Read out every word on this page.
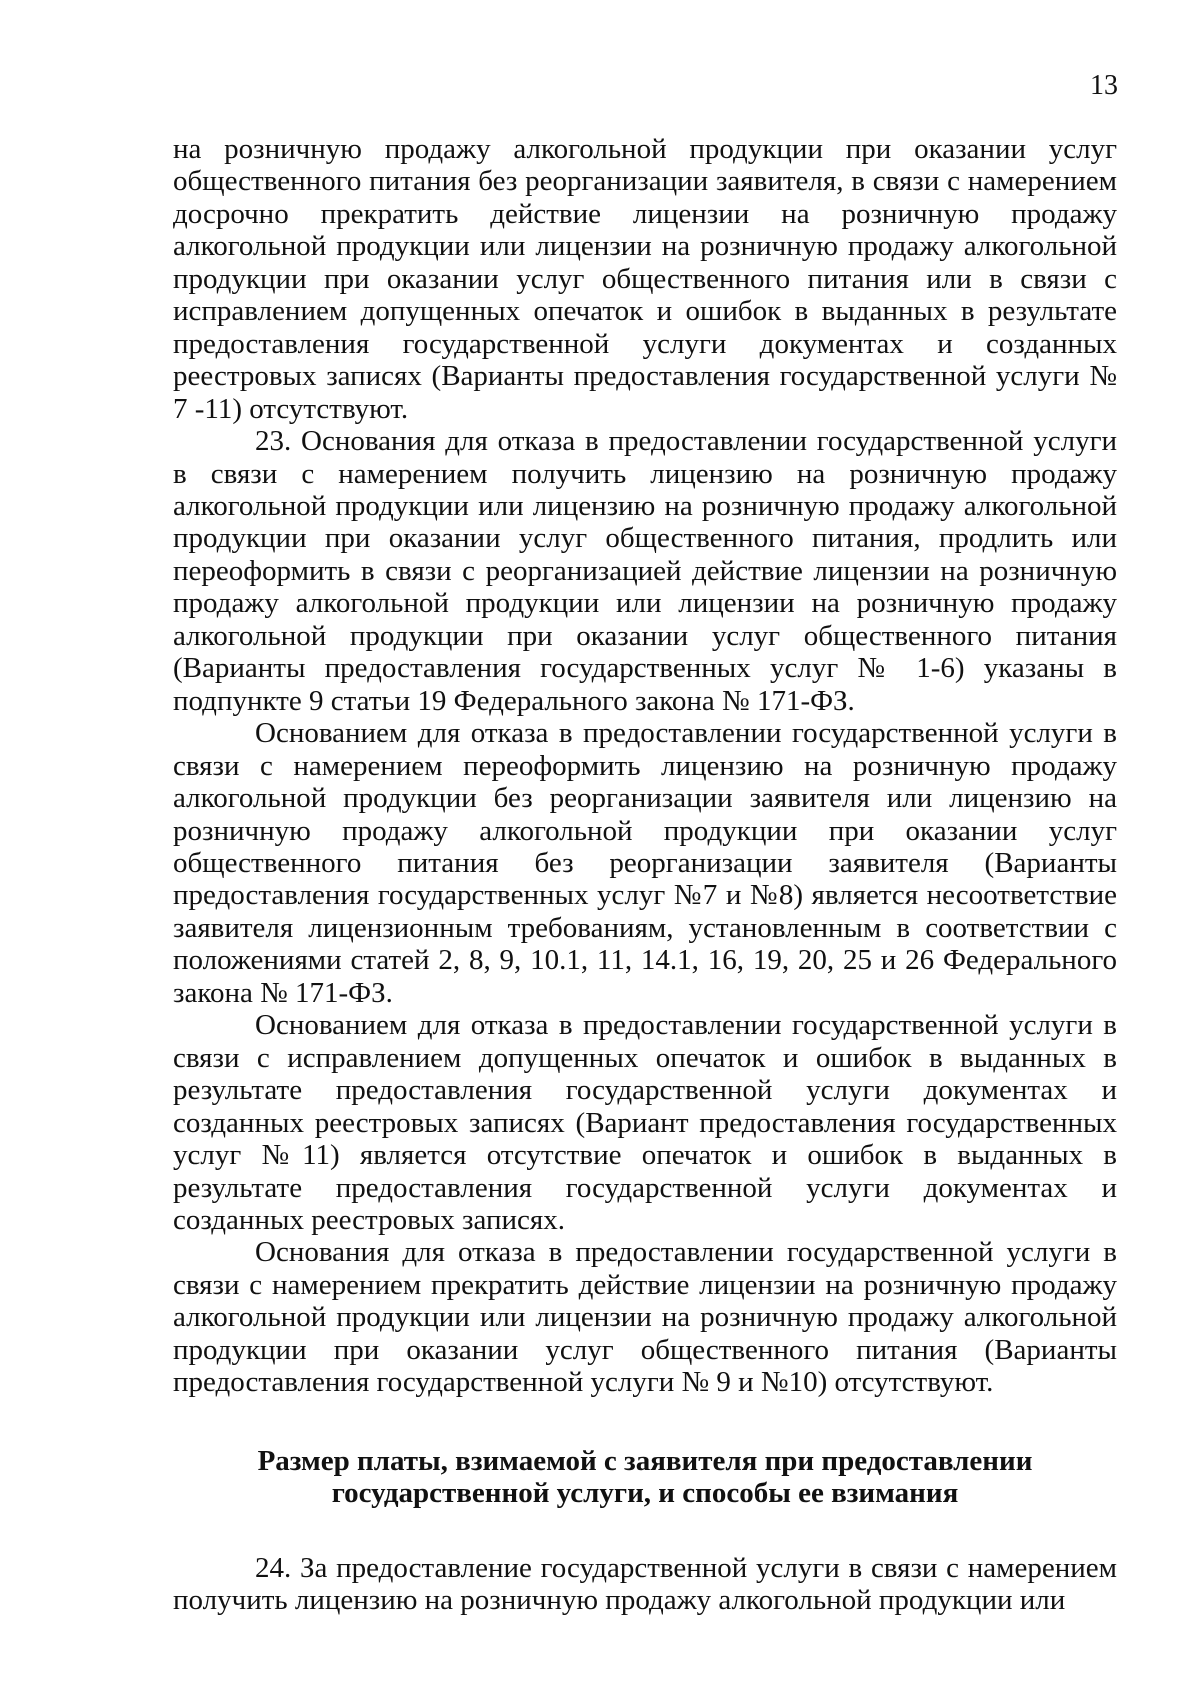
13

на розничную продажу алкогольной продукции при оказании услуг общественного питания без реорганизации заявителя, в связи с намерением досрочно прекратить действие лицензии на розничную продажу алкогольной продукции или лицензии на розничную продажу алкогольной продукции при оказании услуг общественного питания или в связи с исправлением допущенных опечаток и ошибок в выданных в результате предоставления государственной услуги документах и созданных реестровых записях (Варианты предоставления государственной услуги № 7 -11) отсутствуют.

23. Основания для отказа в предоставлении государственной услуги в связи с намерением получить лицензию на розничную продажу алкогольной продукции или лицензию на розничную продажу алкогольной продукции при оказании услуг общественного питания, продлить или переоформить в связи с реорганизацией действие лицензии на розничную продажу алкогольной продукции или лицензии на розничную продажу алкогольной продукции при оказании услуг общественного питания (Варианты предоставления государственных услуг № 1-6) указаны в подпункте 9 статьи 19 Федерального закона № 171-ФЗ.

Основанием для отказа в предоставлении государственной услуги в связи с намерением переоформить лицензию на розничную продажу алкогольной продукции без реорганизации заявителя или лицензию на розничную продажу алкогольной продукции при оказании услуг общественного питания без реорганизации заявителя (Варианты предоставления государственных услуг №7 и №8) является несоответствие заявителя лицензионным требованиям, установленным в соответствии с положениями статей 2, 8, 9, 10.1, 11, 14.1, 16, 19, 20, 25 и 26 Федерального закона № 171-ФЗ.

Основанием для отказа в предоставлении государственной услуги в связи с исправлением допущенных опечаток и ошибок в выданных в результате предоставления государственной услуги документах и созданных реестровых записях (Вариант предоставления государственных услуг №11) является отсутствие опечаток и ошибок в выданных в результате предоставления государственной услуги документах и созданных реестровых записях.

Основания для отказа в предоставлении государственной услуги в связи с намерением прекратить действие лицензии на розничную продажу алкогольной продукции или лицензии на розничную продажу алкогольной продукции при оказании услуг общественного питания (Варианты предоставления государственной услуги № 9 и №10) отсутствуют.

Размер платы, взимаемой с заявителя при предоставлении
государственной услуги, и способы ее взимания

24. За предоставление государственной услуги в связи с намерением получить лицензию на розничную продажу алкогольной продукции или
